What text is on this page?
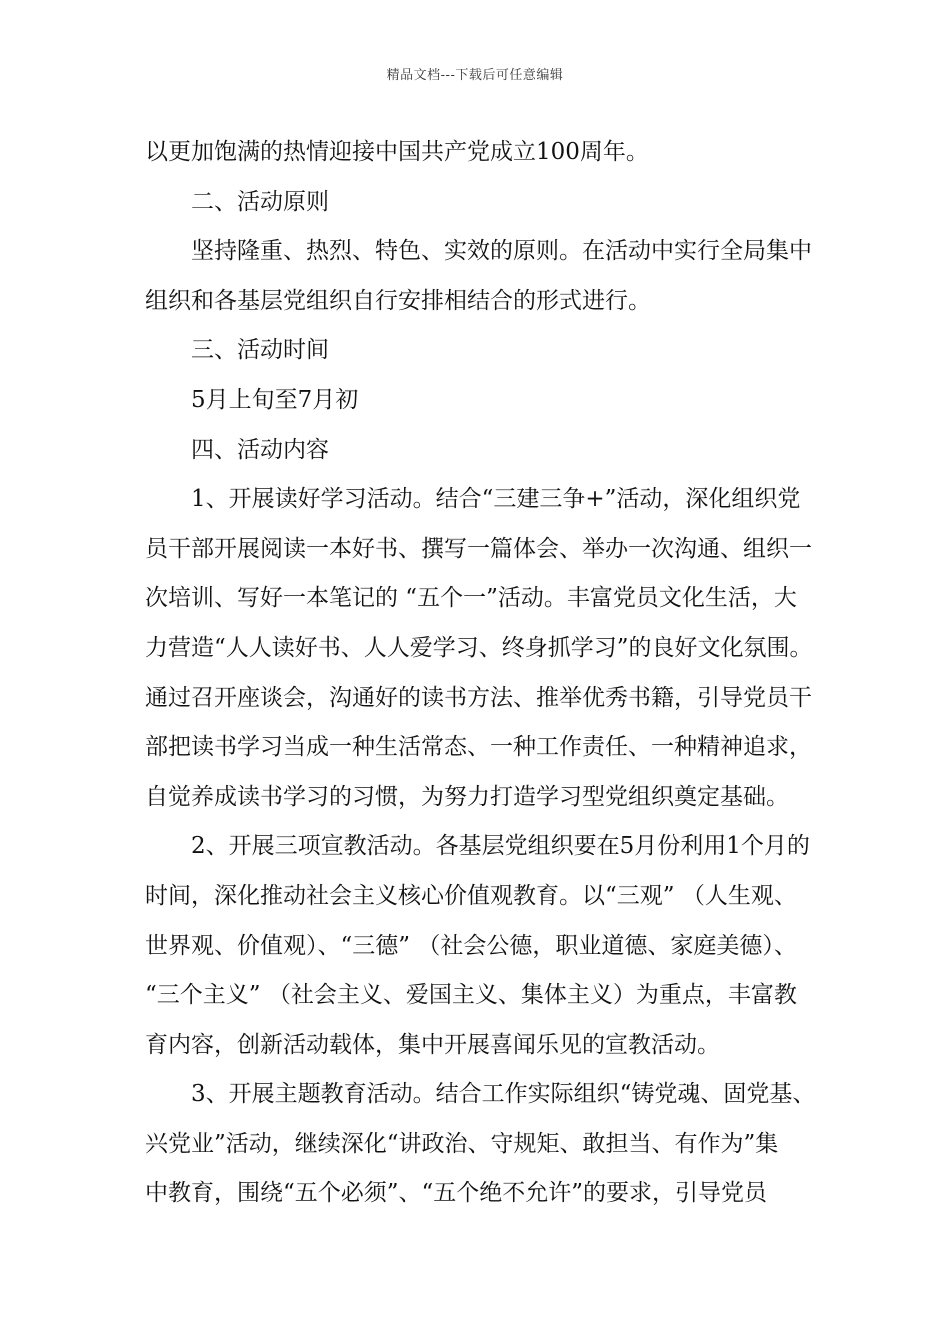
精品文档---下载后可任意编辑
以更加饱满的热情迎接中国共产党成立100周年。
二、活动原则
坚持隆重、热烈、特色、实效的原则。在活动中实行全局集中
组织和各基层党组织自行安排相结合的形式进行。
三、活动时间
5月上旬至7月初
四、活动内容
1、开展读好学习活动。结合“三建三争+”活动，深化组织党
员干部开展阅读一本好书、撰写一篇体会、举办一次沟通、组织一
次培训、写好一本笔记的 “五个一”活动。丰富党员文化生活，大
力营造“人人读好书、人人爱学习、终身抓学习”的良好文化氛围。
通过召开座谈会，沟通好的读书方法、推举优秀书籍，引导党员干
部把读书学习当成一种生活常态、一种工作责任、一种精神追求，
自觉养成读书学习的习惯，为努力打造学习型党组织奠定基础。
2、开展三项宣教活动。各基层党组织要在5月份利用1个月的
时间，深化推动社会主义核心价值观教育。以“三观” （人生观、
世界观、价值观）、“三德” （社会公德，职业道德、家庭美德）、
“三个主义” （社会主义、爱国主义、集体主义）为重点，丰富教
育内容，创新活动载体，集中开展喜闻乐见的宣教活动。
3、开展主题教育活动。结合工作实际组织“铸党魂、固党基、
兴党业”活动，继续深化“讲政治、守规矩、敢担当、有作为”集
中教育，围绕“五个必须”、“五个绝不允许”的要求，引导党员
